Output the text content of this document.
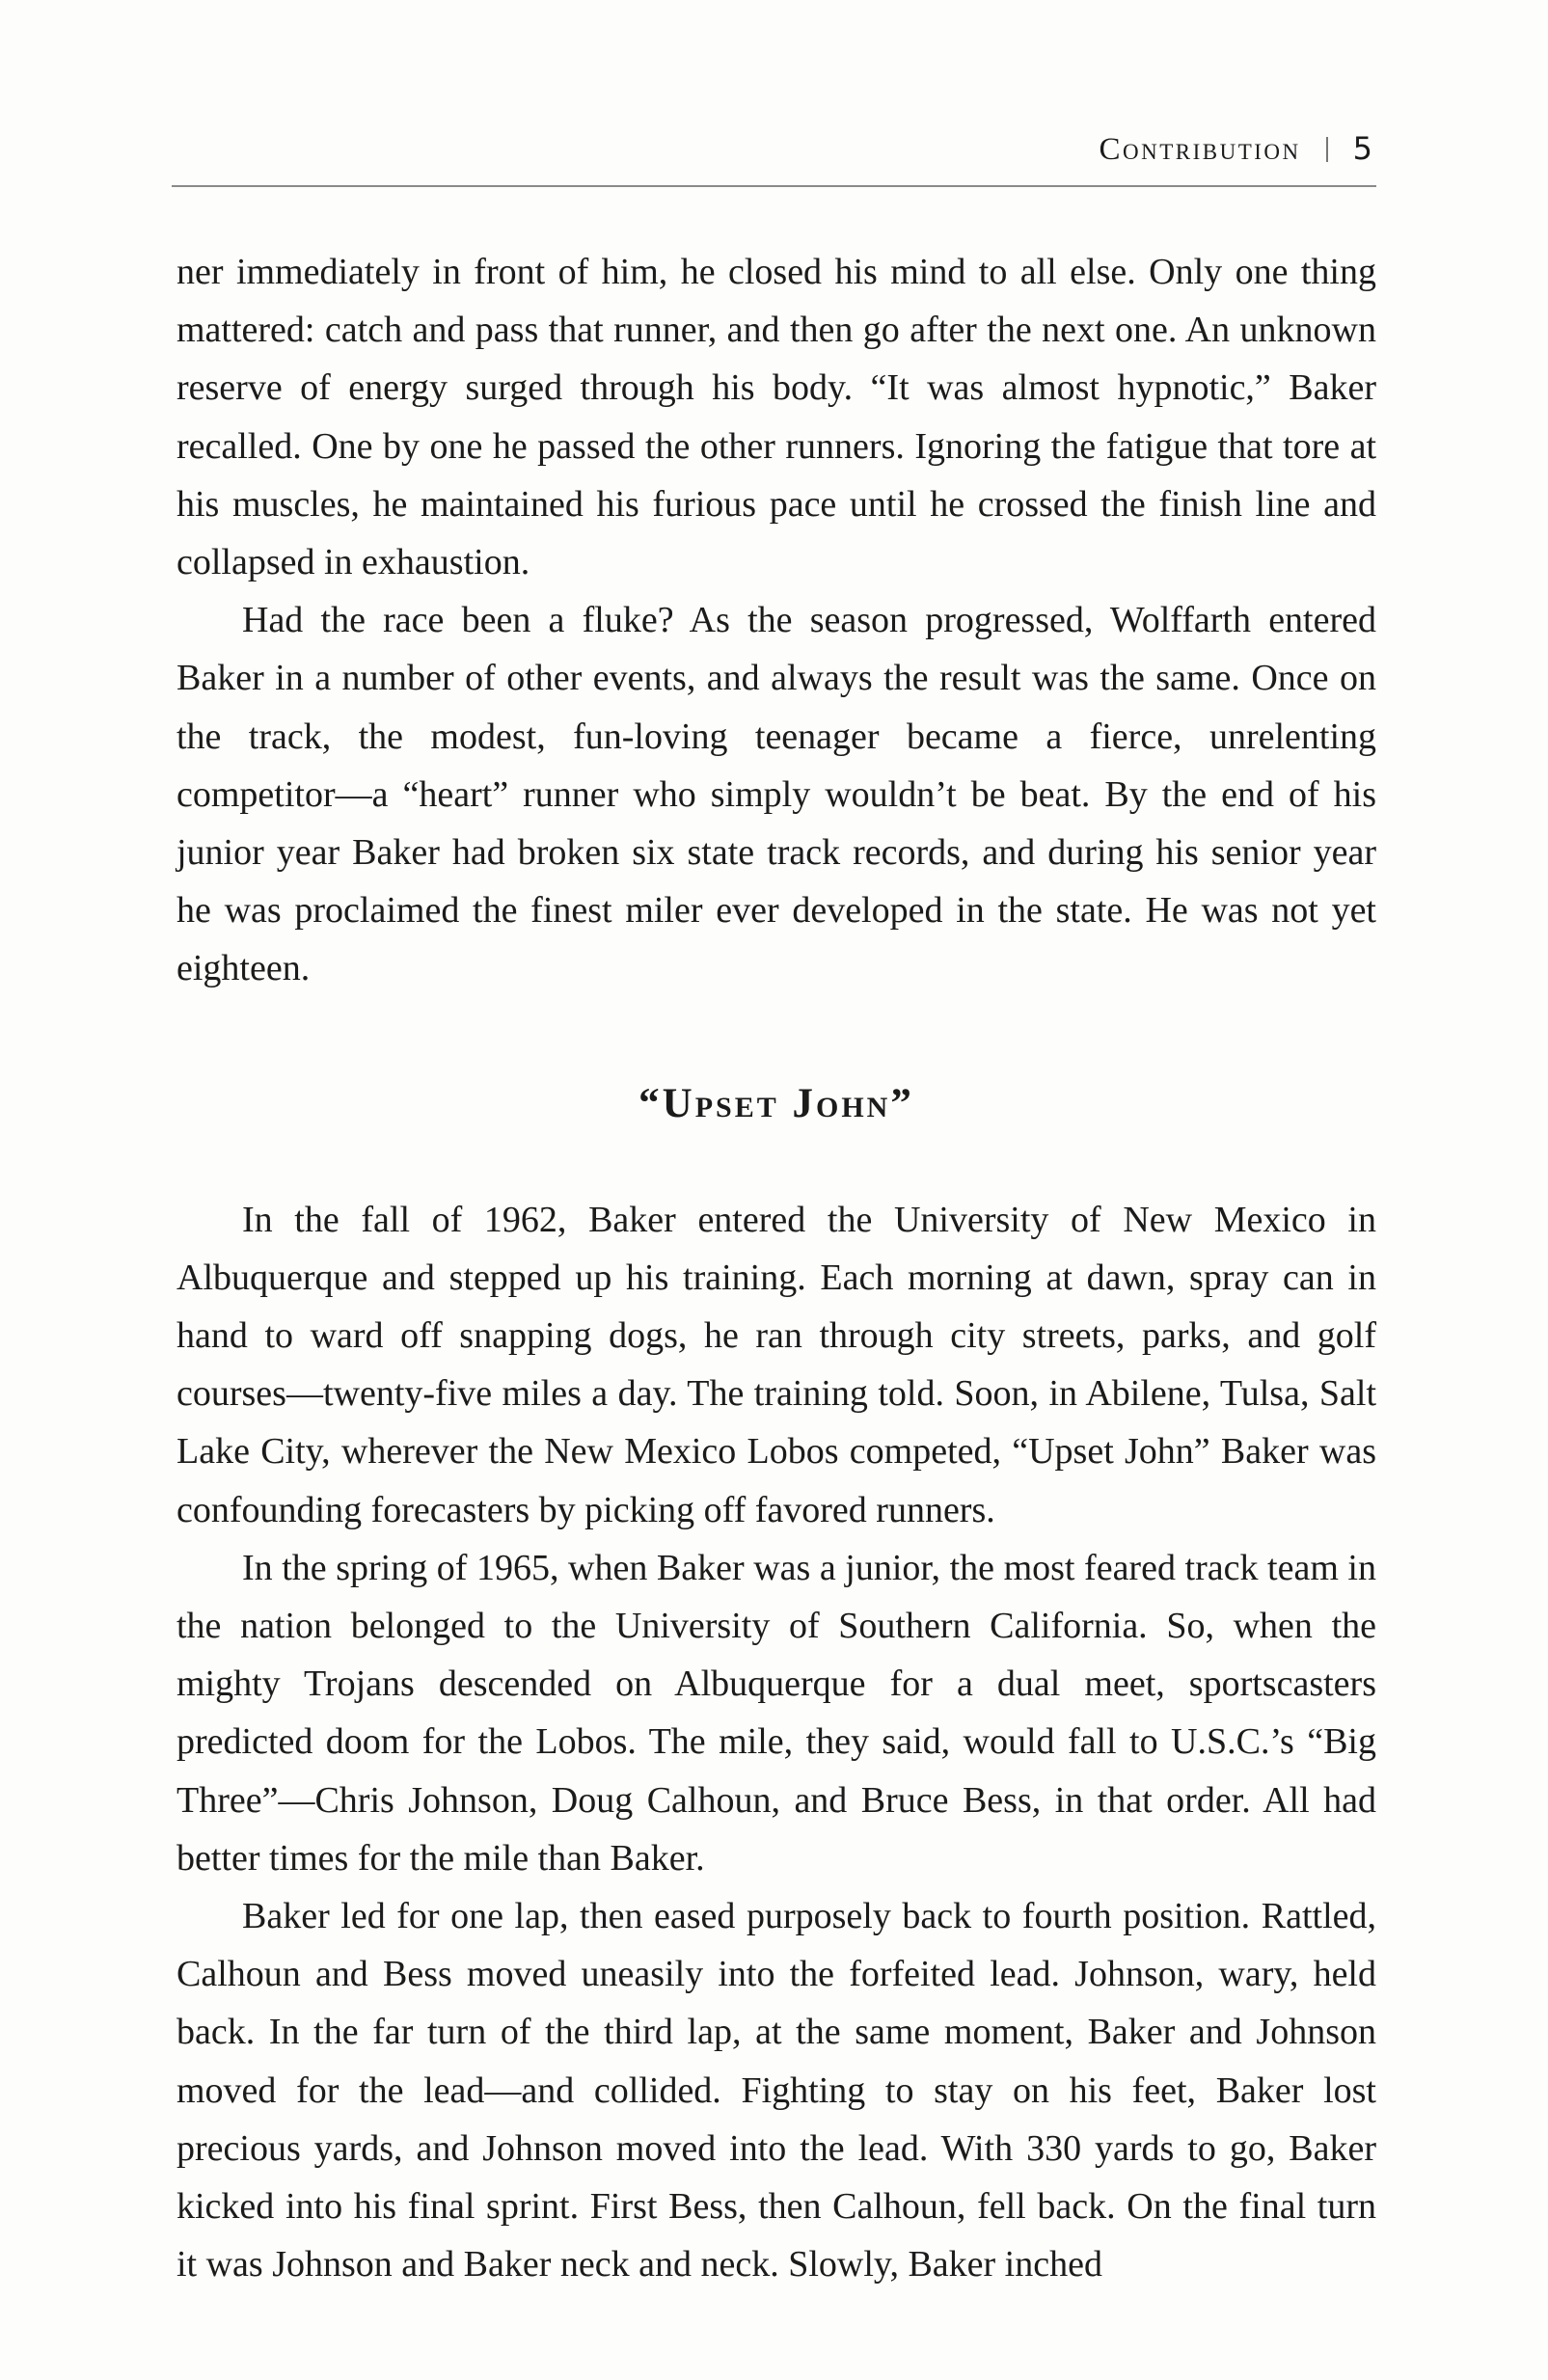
Contribution 5

ner immediately in front of him, he closed his mind to all else. Only one thing mattered: catch and pass that runner, and then go after the next one. An unknown reserve of energy surged through his body. “It was almost hypnotic,” Baker recalled. One by one he passed the other runners. Ignoring the fatigue that tore at his muscles, he maintained his furious pace until he crossed the finish line and collapsed in exhaustion.

Had the race been a fluke? As the season progressed, Wolffarth entered Baker in a number of other events, and always the result was the same. Once on the track, the modest, fun-loving teenager became a fierce, unrelenting competitor—a “heart” runner who simply wouldn’t be beat. By the end of his junior year Baker had broken six state track records, and during his senior year he was proclaimed the finest miler ever developed in the state. He was not yet eighteen.

“Upset John”

In the fall of 1962, Baker entered the University of New Mexico in Albuquerque and stepped up his training. Each morning at dawn, spray can in hand to ward off snapping dogs, he ran through city streets, parks, and golf courses—twenty-five miles a day. The training told. Soon, in Abilene, Tulsa, Salt Lake City, wherever the New Mexico Lobos competed, “Upset John” Baker was confounding forecasters by picking off favored runners.

In the spring of 1965, when Baker was a junior, the most feared track team in the nation belonged to the University of Southern California. So, when the mighty Trojans descended on Albuquerque for a dual meet, sportscasters predicted doom for the Lobos. The mile, they said, would fall to U.S.C.’s “Big Three”—Chris Johnson, Doug Calhoun, and Bruce Bess, in that order. All had better times for the mile than Baker.

Baker led for one lap, then eased purposely back to fourth position. Rattled, Calhoun and Bess moved uneasily into the forfeited lead. Johnson, wary, held back. In the far turn of the third lap, at the same moment, Baker and Johnson moved for the lead—and collided. Fighting to stay on his feet, Baker lost precious yards, and Johnson moved into the lead. With 330 yards to go, Baker kicked into his final sprint. First Bess, then Calhoun, fell back. On the final turn it was Johnson and Baker neck and neck. Slowly, Baker inched
